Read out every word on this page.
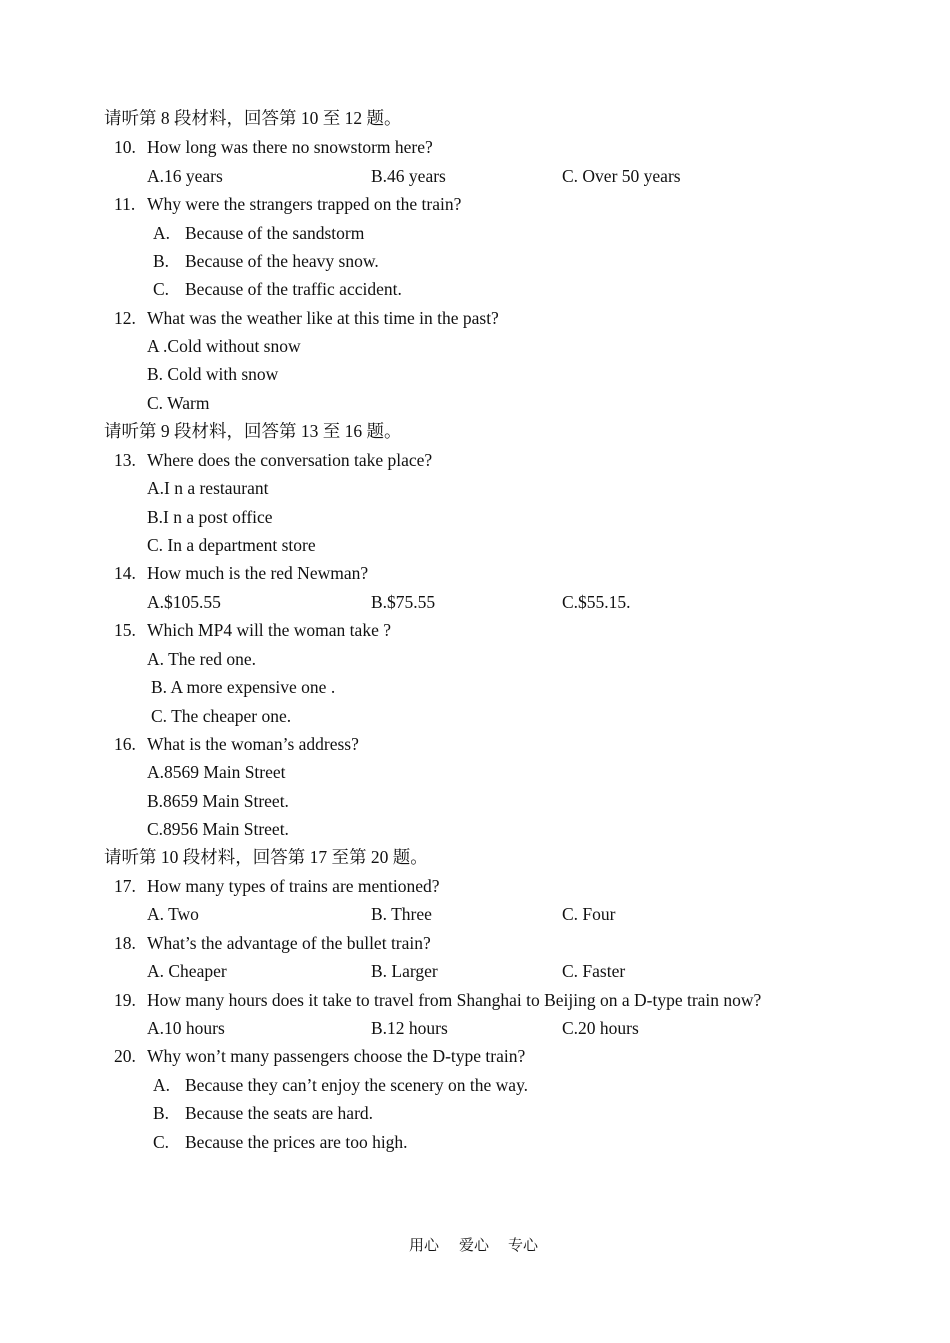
请听第 8 段材料，回答第 10 至 12 题。
10. How long was there no snowstorm here?
A.16 years	B.46 years	C. Over 50 years
11. Why were the strangers trapped on the train?
A. Because of the sandstorm
B. Because of the heavy snow.
C. Because of the traffic accident.
12. What was the weather like at this time in the past?
A .Cold without snow
B. Cold with snow
C. Warm
请听第 9 段材料，回答第 13 至 16 题。
13. Where does the conversation take place?
A.I n a restaurant
B.I n a post office
C. In a department store
14. How much is the red Newman?
A.$105.55	B.$75.55	C.$55.15.
15. Which MP4 will the woman take ?
A. The red one.
B. A more expensive one .
C. The cheaper one.
16. What is the woman’s address?
A.8569 Main Street
B.8659 Main Street.
C.8956 Main Street.
请听第 10 段材料，回答第 17 至第 20 题。
17. How many types of trains are mentioned?
A. Two	B. Three	C. Four
18. What’s the advantage of the bullet train?
A. Cheaper	B. Larger	C. Faster
19. How many hours does it take to travel from Shanghai to Beijing on a D-type train now?
A.10 hours	B.12 hours	C.20 hours
20. Why won’t many passengers choose the D-type train?
A. Because they can’t enjoy the scenery on the way.
B. Because the seats are hard.
C. Because the prices are too high.
用心 爱心 专心
